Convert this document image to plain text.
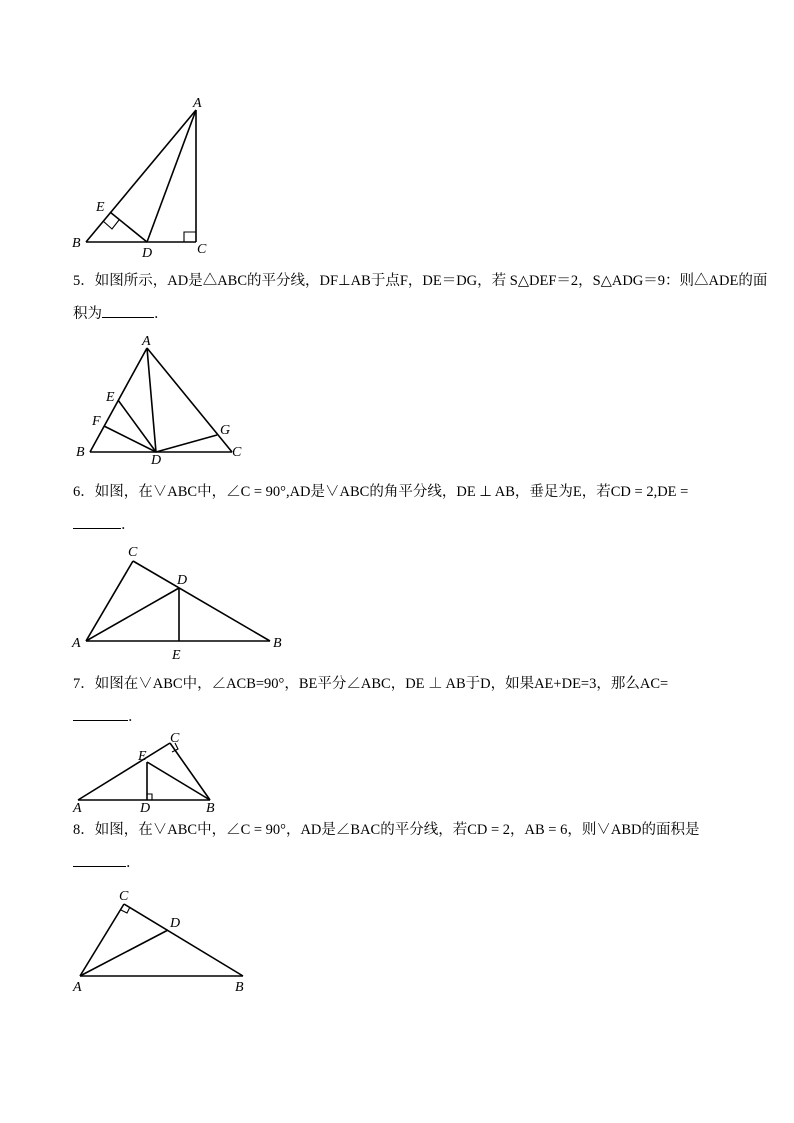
A
B	C
D
E
5．如图所示，AD是△ABC的平分线，DF⊥AB于点F，DE＝DG，若 S△DEF＝2，S△ADG＝9：则△ADE的面
积为	．
A
B	C
D
E
F
G
6．如图，在∨ABC中，∠C = 90°,AD是∨ABC的角平分线，DE ⊥ AB，垂足为E，若CD = 2,DE =
．
C
D
A	B
E
7．如图在∨ABC中，∠ACB=90°，BE平分∠ABC，DE ⊥ AB于D，如果AE+DE=3，那么AC=
．
C
E
A	D	B
8．如图，在∨ABC中，∠C = 90°，AD是∠BAC的平分线，若CD = 2，AB = 6，则∨ABD的面积是
．
C
D
A	B
